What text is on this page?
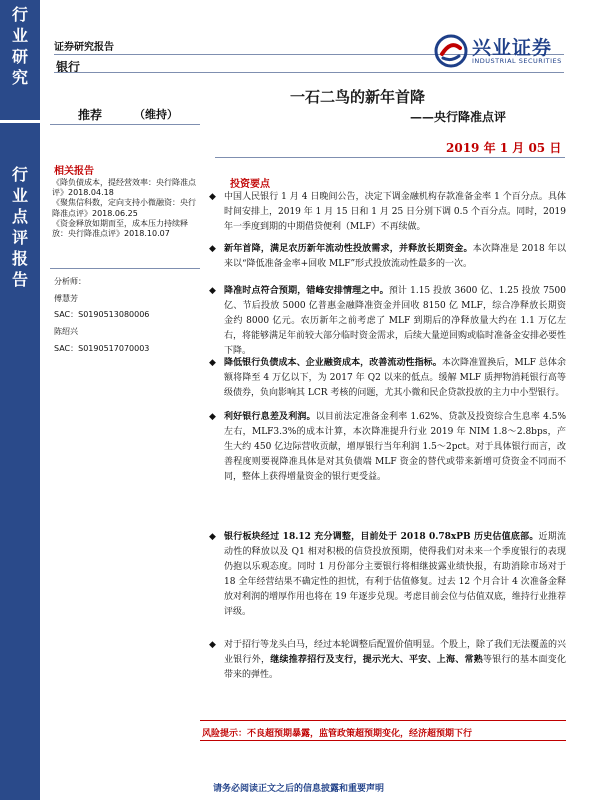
行
业
研
究
行
业
点
评
报
告
证券研究报告
银行
兴业证券
INDUSTRIAL SECURITIES
一石二鸟的新年首降
——央行降准点评
推荐	（维持）
2019 年 1 月 05 日
相关报告
《降负债成本，提经营效率：央行降准点评》2018.04.18
《聚焦信科数，定向支持小微融资：央行降准点评》2018.06.25
《资金释放如期而至，成本压力持续释放：央行降准点评》2018.10.07
分析师：
傅慧芳
SAC：S0190513080006
陈绍兴
SAC：S0190517070003
投资要点
◆ 中国人民银行 1 月 4 日晚间公告，决定下调金融机构存款准备金率 1 个百分点。具体时间安排上，2019 年 1 月 15 日和 1 月 25 日分别下调 0.5 个百分点。同时，2019 年一季度到期的中期借贷便利（MLF）不再续做。
◆ 新年首降，满足农历新年流动性投放需求，并释放长期资金。本次降准是 2018 年以来以“降低准备金率+回收 MLF”形式投放流动性最多的一次。
◆ 降准时点符合预期，错峰安排情理之中。預计 1.15 投放 3600 亿、1.25 投放 7500 亿、节后投放 5000 亿普惠金融降准资金并回收 8150 亿 MLF，综合净释放长期资金约 8000 亿元。农历新年之前考虑了 MLF 到期后的净释放量大约在 1.1 万亿左右，将能够满足年前较大部分临时资金需求，后续大量逆回购或临时准备金安排必要性下降。
◆ 降低银行负债成本、企业融资成本，改善流动性指标。本次降准置换后，MLF 总体余额将降至 4 万亿以下，为 2017 年 Q2 以来的低点。缓解 MLF 质押物消耗银行高等级债券，负向影响其 LCR 考核的问题，尤其小微和民企贷款投放的主力中小型银行。
◆ 利好银行息差及利润。以目前法定准备金利率 1.62%、贷款及投资综合生息率 4.5%左右，MLF3.3%的成本计算，本次降准提升行业 2019 年 NIM 1.8～2.8bps，产生大约 450 亿边际营收贡献，增厚银行当年利润 1.5～2pct。对于具体银行而言，改善程度则要视降准具体是对其负债端 MLF 资金的替代或带来新增可贷资金不同而不同，整体上获得增量资金的银行更受益。
◆ 银行板块经过 18.12 充分调整，目前处于 2018 0.78xPB 历史估值底部。近期流动性的释放以及 Q1 相对积极的信贷投放预期，使得我们对未来一个季度银行的表现仍抱以乐观态度。同时 1 月份部分主要银行将相继披露业绩快报，有助消除市场对于 18 全年经营结果不确定性的担忧，有利于估值修复。过去 12 个月合计 4 次准备金释放对利润的增厚作用也将在 19 年逐步兑现。考虑目前会位与估值双底，维持行业推荐评级。
◆ 对于招行等龙头白马，经过本轮调整后配置价值明显。个股上，除了我们无法覆盖的兴业银行外，继续推荐招行及支行，提示光大、平安、上海、常熟等银行的基本面变化带来的弹性。
风险提示：不良超预期暴露，监管政策超预期变化，经济超预期下行
请务必阅读正文之后的信息披露和重要声明
